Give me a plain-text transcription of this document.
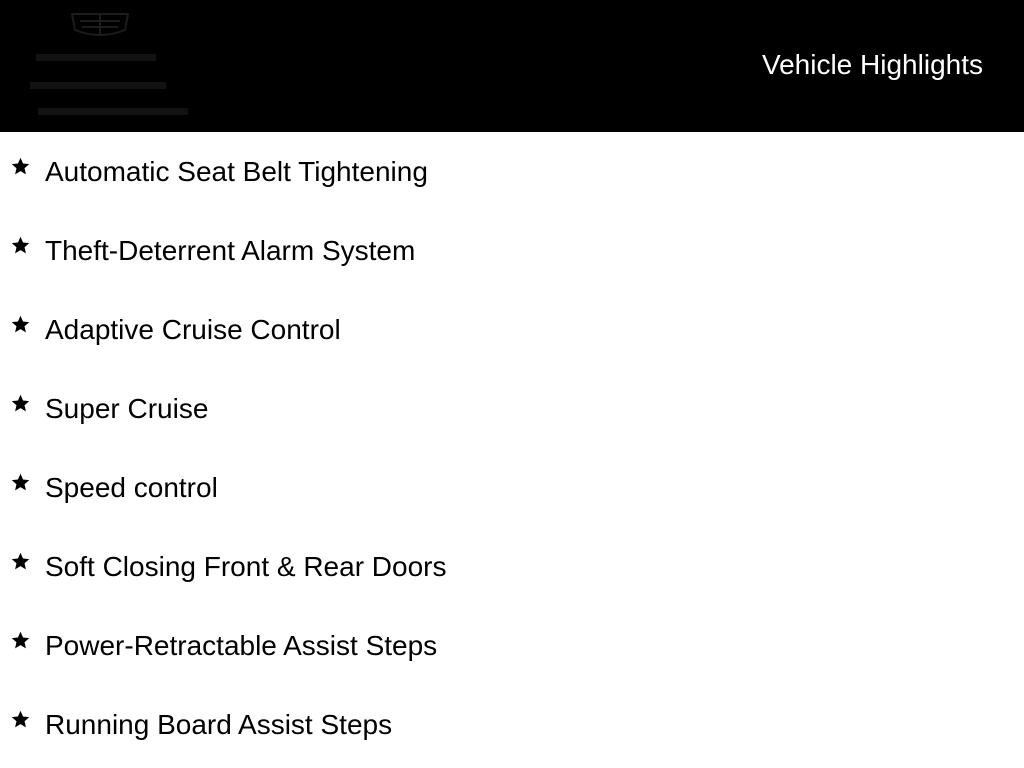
Vehicle Highlights
Automatic Seat Belt Tightening
Theft-Deterrent Alarm System
Adaptive Cruise Control
Super Cruise
Speed control
Soft Closing Front & Rear Doors
Power-Retractable Assist Steps
Running Board Assist Steps
